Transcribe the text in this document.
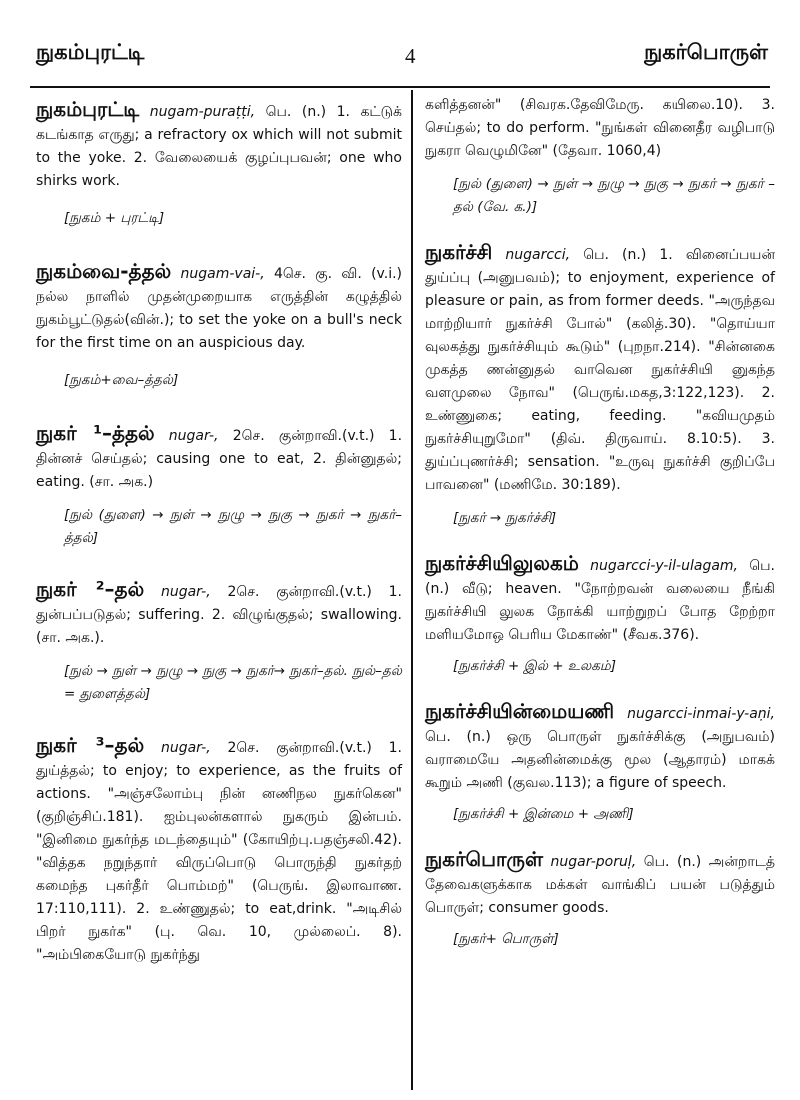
நுகம்புரட்டி	4	நுகர்பொருள்

நுகம்புரட்டி nugam-puraṭṭi, பெ. (n.) 1. கட்டுக் கடங்காத எருது; a refractory ox which will not submit to the yoke. 2. வேலையைக் குழப்புபவன்; one who shirks work.

[நுகம் + புரட்டி]

நுகம்வை-த்தல் nugam-vai-, 4செ. கு. வி. (v.i.) நல்ல நாளில் முதன்முறையாக எருத்தின் கழுத்தில் நுகம்பூட்டுதல்(வின்.); to set the yoke on a bull's neck for the first time on an auspicious day.

[நுகம்+வை–த்தல்]

நுகர் ¹–த்தல் nugar-, 2செ. குன்றாவி.(v.t.) 1. தின்னச் செய்தல்; causing one to eat, 2. தின்னுதல்; eating. (சா. அக.)

[நுல் (துளை) → நுள் → நுழு → நுகு → நுகர் → நுகர்–த்தல்]

நுகர் ²–தல் nugar-, 2செ. குன்றாவி.(v.t.) 1. துன்பப்படுதல்; suffering. 2. விழுங்குதல்; swallowing. (சா. அக.).

[நுல் → நுள் → நுழு → நுகு → நுகர்→ நுகர்–தல். நுல்–தல் = துளைத்தல்]

நுகர் ³–தல் nugar-, 2செ. குன்றாவி.(v.t.) 1. துய்த்தல்; to enjoy; to experience, as the fruits of actions. "அஞ்சலோம்பு நின் னணிநல நுகர்கென" (குறிஞ்சிப்.181). ஐம்புலன்களால் நுகரும் இன்பம். "இனிமை நுகர்ந்த மடந்தையும்" (கோயிற்பு.பதஞ்சலி.42). "வித்தக நறுந்தார் விருப்பொடு பொருந்தி நுகர்தற் கமைந்த புகர்தீர் பொம்மற்" (பெருங். இலாவாண. 17:110,111). 2. உண்ணுதல்; to eat,drink. "அடிசில் பிறர் நுகர்க" (பு. வெ. 10, முல்லைப். 8). "அம்பிகையோடு நுகர்ந்து

களித்தனன்" (சிவரக.தேவிமேரு. கயிலை.10). 3. செய்தல்; to do perform. "நுங்கள் வினைதீர வழிபாடு நுகரா வெழுமினே" (தேவா. 1060,4)

[நுல் (துளை) → நுள் → நுழு → நுகு → நுகர் → நுகர் –தல் (வே. க.)]

நுகர்ச்சி nugarcci, பெ. (n.) 1. வினைப்பயன் துய்ப்பு (அனுபவம்); to enjoyment, experience of pleasure or pain, as from former deeds. "அருந்தவ மாற்றியார் நுகர்ச்சி போல்" (கலித்.30). "தொய்யா வுலகத்து நுகர்ச்சியும் கூடும்" (புறநா.214). "சின்னகை முகத்த ணன்னுதல் வாவென நுகர்ச்சியி னுகந்த வளமுலை நோவ" (பெருங்.மகத,3:122,123). 2. உண்ணுகை; eating, feeding. "கவியமுதம் நுகர்ச்சியுறுமோ" (திவ். திருவாய். 8.10:5). 3. துய்ப்புணர்ச்சி; sensation. "உருவு நுகர்ச்சி குறிப்பே பாவனை" (மணிமே. 30:189).

[நுகர் → நுகர்ச்சி]

நுகர்ச்சியிலுலகம் nugarcci-y-il-ulagam, பெ.(n.) வீடு; heaven. "நோற்றவன் வலையை நீங்கி நுகர்ச்சியி லுலக நோக்கி யாற்றுறப் போத றேற்றா மளியமோஒ பெரிய மேகாண்" (சீவக.376).

[நுகர்ச்சி + இல் + உலகம்]

நுகர்ச்சியின்மையணி nugarcci-inmai-y-aṇi, பெ. (n.) ஒரு பொருள் நுகர்ச்சிக்கு (அநுபவம்) வராமையே அதனின்மைக்கு மூல (ஆதாரம்) மாகக் கூறும் அணி (குவல.113); a figure of speech.

[நுகர்ச்சி + இன்மை + அணி]

நுகர்பொருள் nugar-poruḷ, பெ. (n.) அன்றாடத் தேவைகளுக்காக மக்கள் வாங்கிப் பயன் படுத்தும் பொருள்; consumer goods.

[நுகர்+ பொருள்]
